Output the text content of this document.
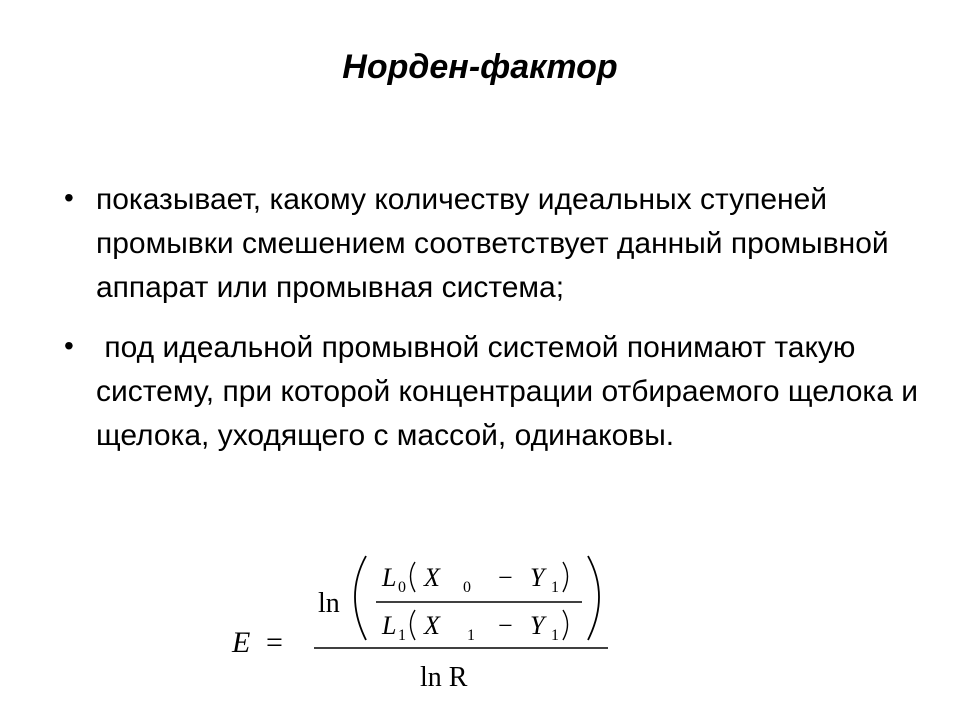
Норден-фактор
• показывает, какому количеству идеальных ступеней промывки смешением соответствует данный промывной аппарат или промывная система;
• под идеальной промывной системой понимают такую систему, при которой концентрации отбираемого щелока и щелока, уходящего с массой, одинаковы.
E =
ln
L 0 X 0 − Y 1
L 1 X 1 − Y 1
ln R
